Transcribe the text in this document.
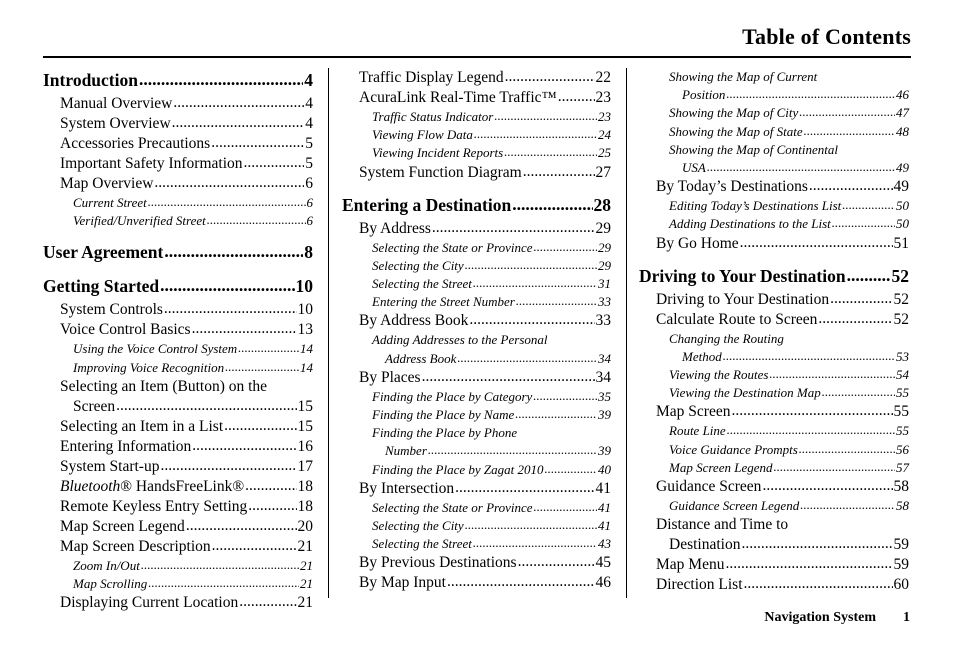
Table of Contents
Introduction .....	4
Manual Overview .....	4
System Overview .....	4
Accessories Precautions .....	5
Important Safety Information .....	5
Map Overview .....	6
Current Street .....	6
Verified/Unverified Street .....	6
User Agreement .....	8
Getting Started .....	10
System Controls .....	10
Voice Control Basics .....	13
Using the Voice Control System .....	14
Improving Voice Recognition .....	14
Selecting an Item (Button) on the
Screen .....	15
Selecting an Item in a List .....	15
Entering Information .....	16
System Start-up .....	17
Bluetooth® HandsFreeLink® .....	18
Remote Keyless Entry Setting .....	18
Map Screen Legend .....	20
Map Screen Description .....	21
Zoom In/Out .....	21
Map Scrolling .....	21
Displaying Current Location .....	21
Traffic Display Legend .....	22
AcuraLink Real-Time Traffic™ .....	23
Traffic Status Indicator .....	23
Viewing Flow Data .....	24
Viewing Incident Reports .....	25
System Function Diagram .....	27
Entering a Destination .....	28
By Address .....	29
Selecting the State or Province .....	29
Selecting the City .....	29
Selecting the Street .....	31
Entering the Street Number .....	33
By Address Book .....	33
Adding Addresses to the Personal
Address Book .....	34
By Places .....	34
Finding the Place by Category .....	35
Finding the Place by Name .....	39
Finding the Place by Phone
Number .....	39
Finding the Place by Zagat 2010 .....	40
By Intersection .....	41
Selecting the State or Province .....	41
Selecting the City .....	41
Selecting the Street .....	43
By Previous Destinations .....	45
By Map Input .....	46
Showing the Map of Current
Position .....	46
Showing the Map of City .....	47
Showing the Map of State .....	48
Showing the Map of Continental
USA .....	49
By Today’s Destinations .....	49
Editing Today’s Destinations List .....	50
Adding Destinations to the List .....	50
By Go Home .....	51
Driving to Your Destination .....	52
Driving to Your Destination .....	52
Calculate Route to Screen .....	52
Changing the Routing
Method .....	53
Viewing the Routes .....	54
Viewing the Destination Map .....	55
Map Screen .....	55
Route Line .....	55
Voice Guidance Prompts .....	56
Map Screen Legend .....	57
Guidance Screen .....	58
Guidance Screen Legend .....	58
Distance and Time to
Destination .....	59
Map Menu .....	59
Direction List .....	60
Navigation System 1
